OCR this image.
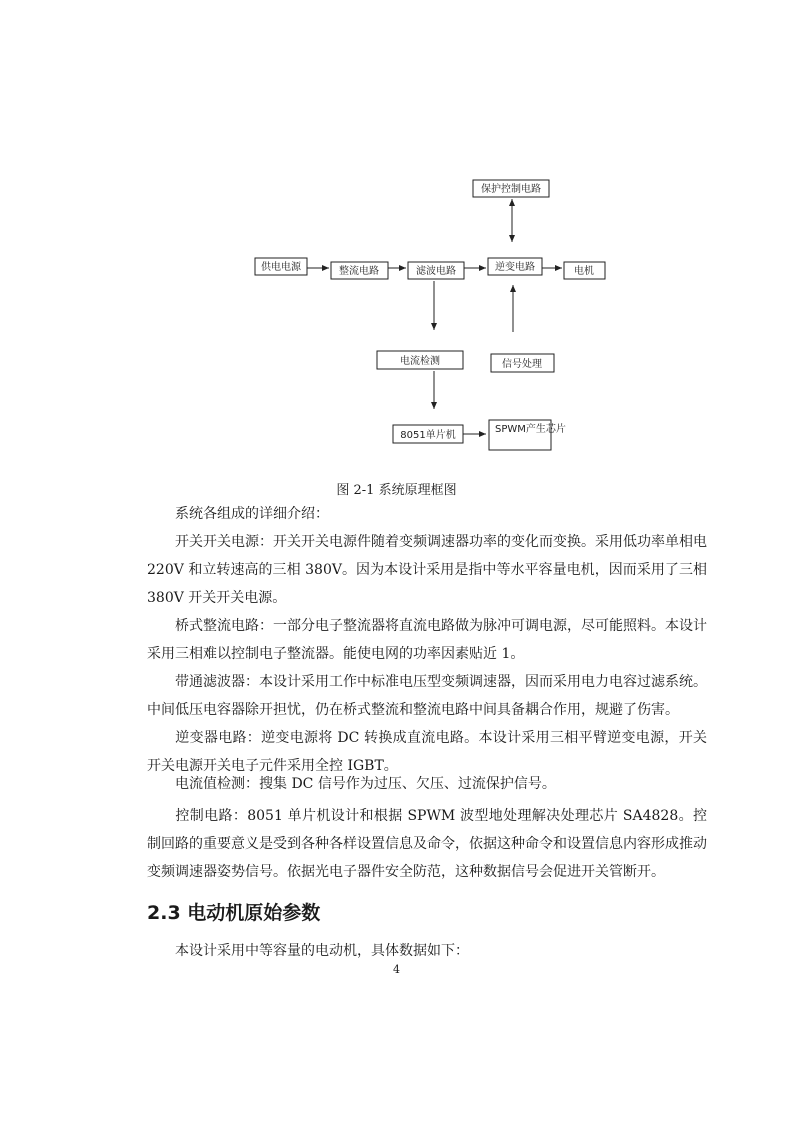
保护控制电路
供电电源	整流电路	滤波电路	逆变电路	电机
电流检测	信号处理
8051单片机
SPWM产生芯片
图 2-1 系统原理框图
系统各组成的详细介绍：
开关开关电源：开关开关电源件随着变频调速器功率的变化而变换。采用低功率单相电220V 和立转速高的三相 380V。因为本设计采用是指中等水平容量电机，因而采用了三相 380V 开关开关电源。
桥式整流电路：一部分电子整流器将直流电路做为脉冲可调电源，尽可能照料。本设计采用三相难以控制电子整流器。能使电网的功率因素贴近 1。
带通滤波器：本设计采用工作中标准电压型变频调速器，因而采用电力电容过滤系统。中间低压电容器除开担忧，仍在桥式整流和整流电路中间具备耦合作用，规避了伤害。
逆变器电路：逆变电源将 DC 转换成直流电路。本设计采用三相平臂逆变电源，开关开关电源开关电子元件采用全控 IGBT。
电流值检测：搜集 DC 信号作为过压、欠压、过流保护信号。
控制电路：8051 单片机设计和根据 SPWM 波型地处理解决处理芯片 SA4828。控制回路的重要意义是受到各种各样设置信息及命令，依据这种命令和设置信息内容形成推动变频调速器姿势信号。依据光电子器件安全防范，这种数据信号会促进开关管断开。
2.3 电动机原始参数
本设计采用中等容量的电动机，具体数据如下：
4
